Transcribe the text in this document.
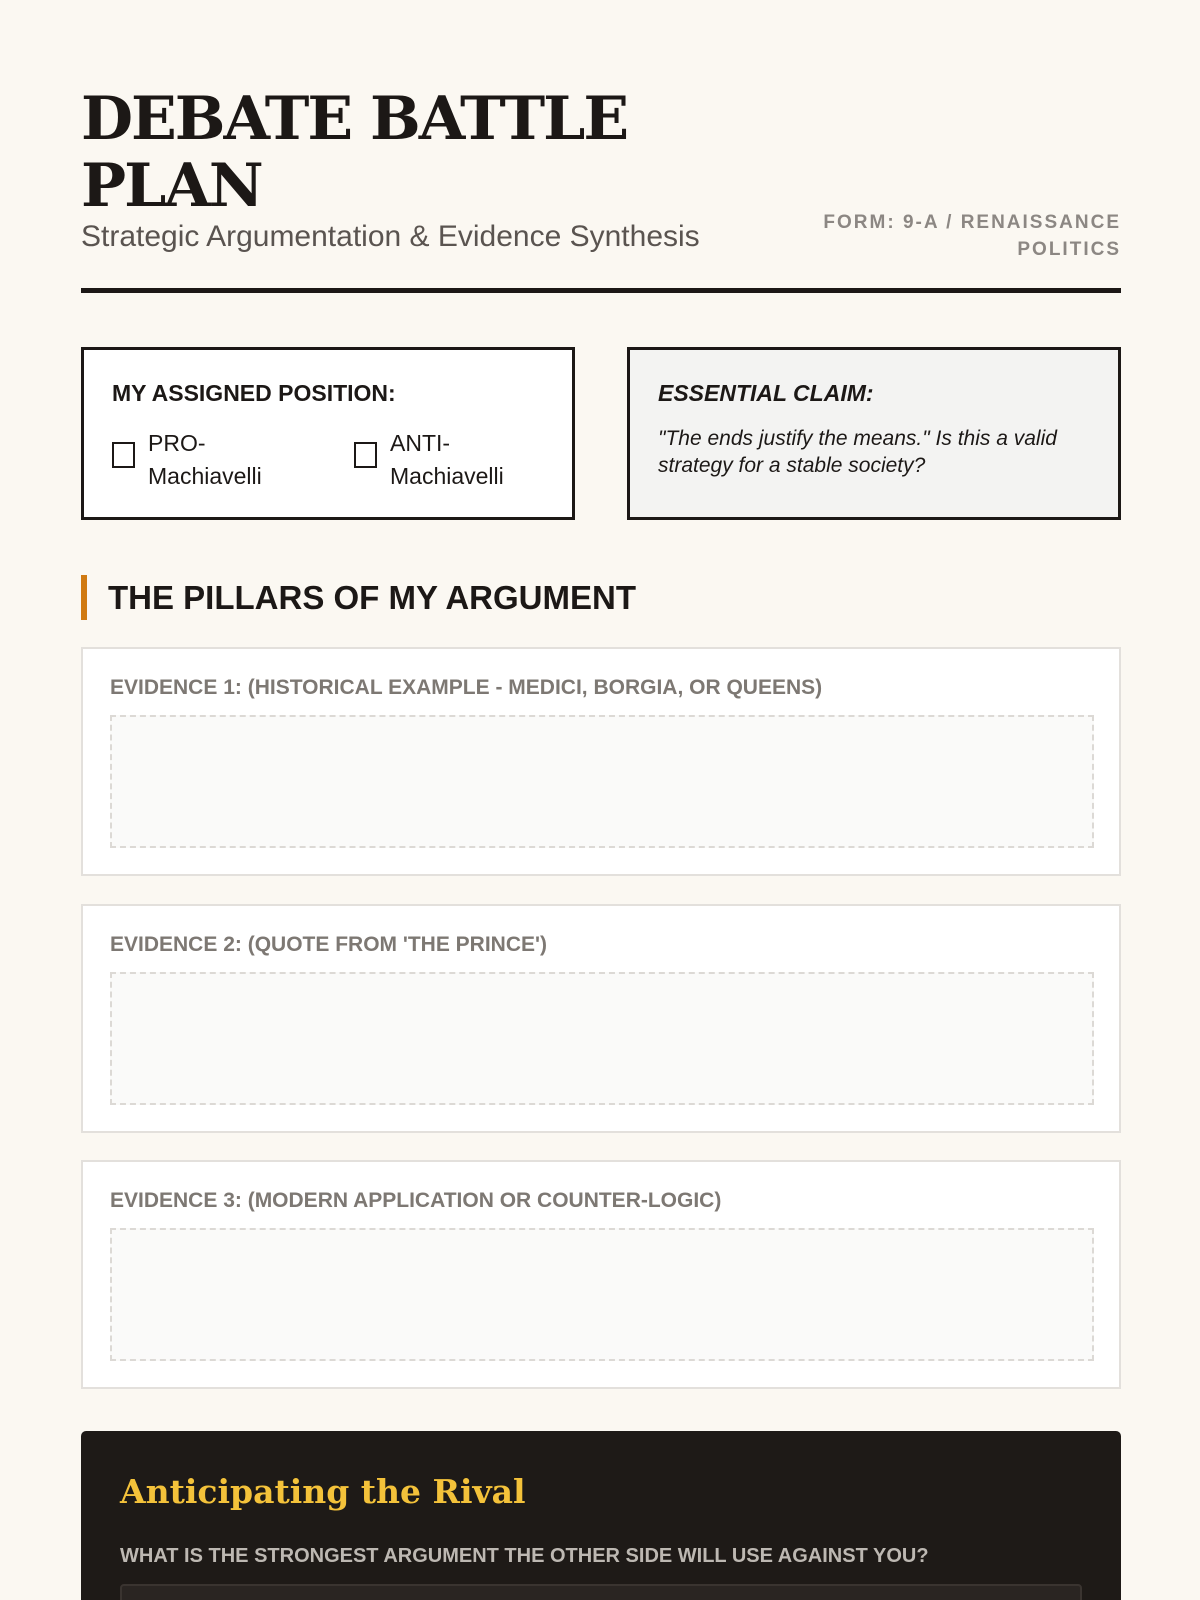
DEBATE BATTLE PLAN
Strategic Argumentation & Evidence Synthesis	FORM: 9-A / RENAISSANCE POLITICS
MY ASSIGNED POSITION:
PRO-Machiavelli
ANTI-Machiavelli
ESSENTIAL CLAIM:
"The ends justify the means." Is this a valid strategy for a stable society?
THE PILLARS OF MY ARGUMENT
EVIDENCE 1: (HISTORICAL EXAMPLE - MEDICI, BORGIA, OR QUEENS)
EVIDENCE 2: (QUOTE FROM 'THE PRINCE')
EVIDENCE 3: (MODERN APPLICATION OR COUNTER-LOGIC)
Anticipating the Rival
WHAT IS THE STRONGEST ARGUMENT THE OTHER SIDE WILL USE AGAINST YOU?
